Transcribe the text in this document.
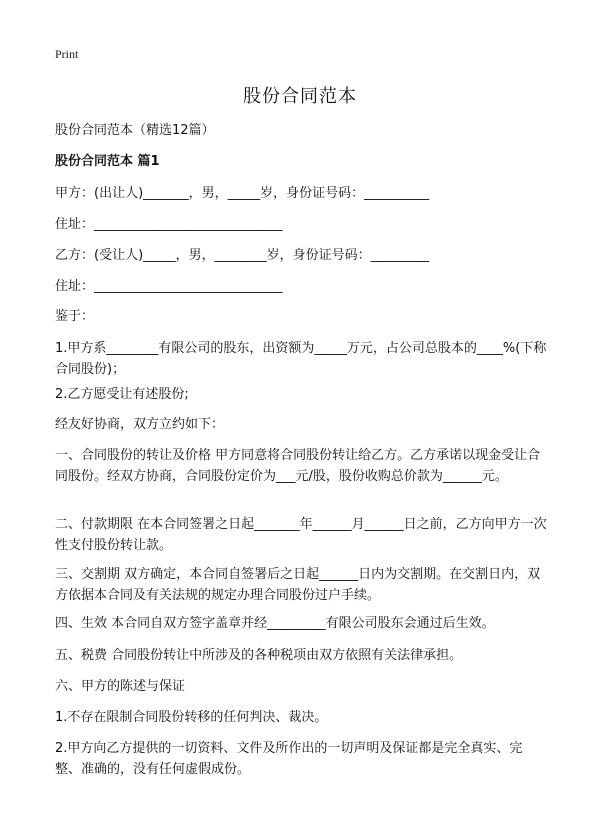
Print
股份合同范本
股份合同范本（精选12篇）
股份合同范本 篇1
甲方：(出让人)_______，男，_____岁，身份证号码：__________
住址：_____________________________
乙方：(受让人)_____，男，________岁，身份证号码：_________
住址：_____________________________
鉴于：
1.甲方系________有限公司的股东，出资额为_____万元，占公司总股本的____%(下称合同股份)；
2.乙方愿受让有述股份;
经友好协商，双方立约如下：
一、合同股份的转让及价格 甲方同意将合同股份转让给乙方。乙方承诺以现金受让合同股份。经双方协商，合同股份定价为___元/股，股份收购总价款为______元。
二、付款期限 在本合同签署之日起_______年______月______日之前，乙方向甲方一次性支付股份转让款。
三、交割期 双方确定，本合同自签署后之日起______日内为交割期。在交割日内，双方依据本合同及有关法规的规定办理合同股份过户手续。
四、生效 本合同自双方签字盖章并经_________有限公司股东会通过后生效。
五、税费 合同股份转让中所涉及的各种税项由双方依照有关法律承担。
六、甲方的陈述与保证
1.不存在限制合同股份转移的任何判决、裁决。
2.甲方向乙方提供的一切资料、文件及所作出的一切声明及保证都是完全真实、完整、准确的，没有任何虚假成份。
